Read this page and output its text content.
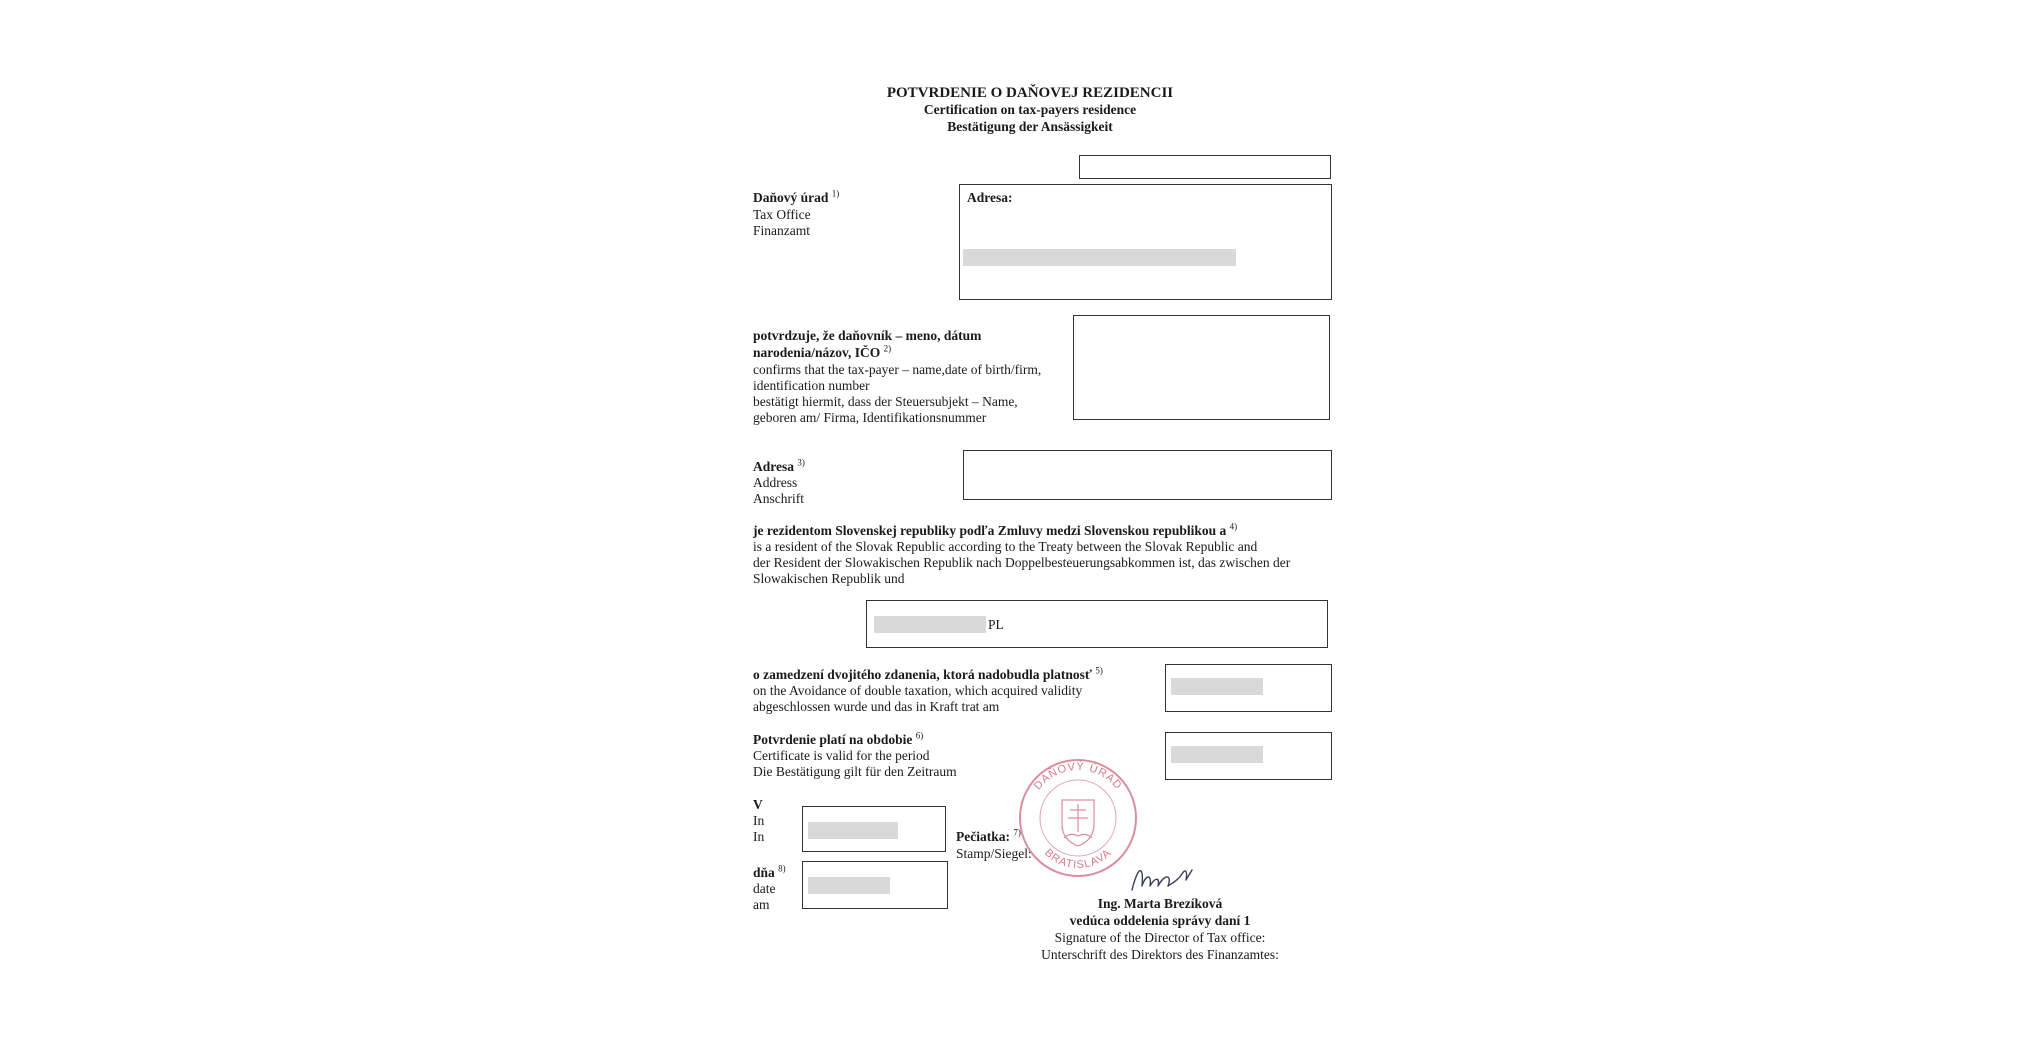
POTVRDENIE O DAŇOVEJ REZIDENCII
Certification on tax-payers residence
Bestätigung der Ansässigkeit
Daňový úrad $^{1)}$
Tax Office
Finanzamt
Adresa:
potvrdzuje, že daňovník – meno, dátum
narodenia/názov, IČO $^{2)}$
confirms that the tax-payer – name,date of birth/firm,
identification number
bestätigt hiermit, dass der Steuersubjekt – Name,
geboren am/ Firma, Identifikationsnummer
Adresa $^{3)}$
Address
Anschrift
je rezidentom Slovenskej republiky podľa Zmluvy medzi Slovenskou republikou a $^{4)}$
is a resident of the Slovak Republic according to the Treaty between the Slovak Republic and
der Resident der Slowakischen Republik nach Doppelbesteuerungsabkommen ist, das zwischen der
Slowakischen Republik und
PL
o zamedzení dvojitého zdanenia, ktorá nadobudla platnosť $^{5)}$
on the Avoidance of double taxation, which acquired validity
abgeschlossen wurde und das in Kraft trat am
Potvrdenie platí na obdobie $^{6)}$
Certificate is valid for the period
Die Bestätigung gilt für den Zeitraum
V
In
In
dňa $^{8)}$
date
am
Pečiatka: $^{7)}$
Stamp/Siegel:
DAŇOVÝ ÚRAD
BRATISLAVA
Ing. Marta Brezíková
vedúca oddelenia správy daní 1
Signature of the Director of Tax office:
Unterschrift des Direktors des Finanzamtes:
